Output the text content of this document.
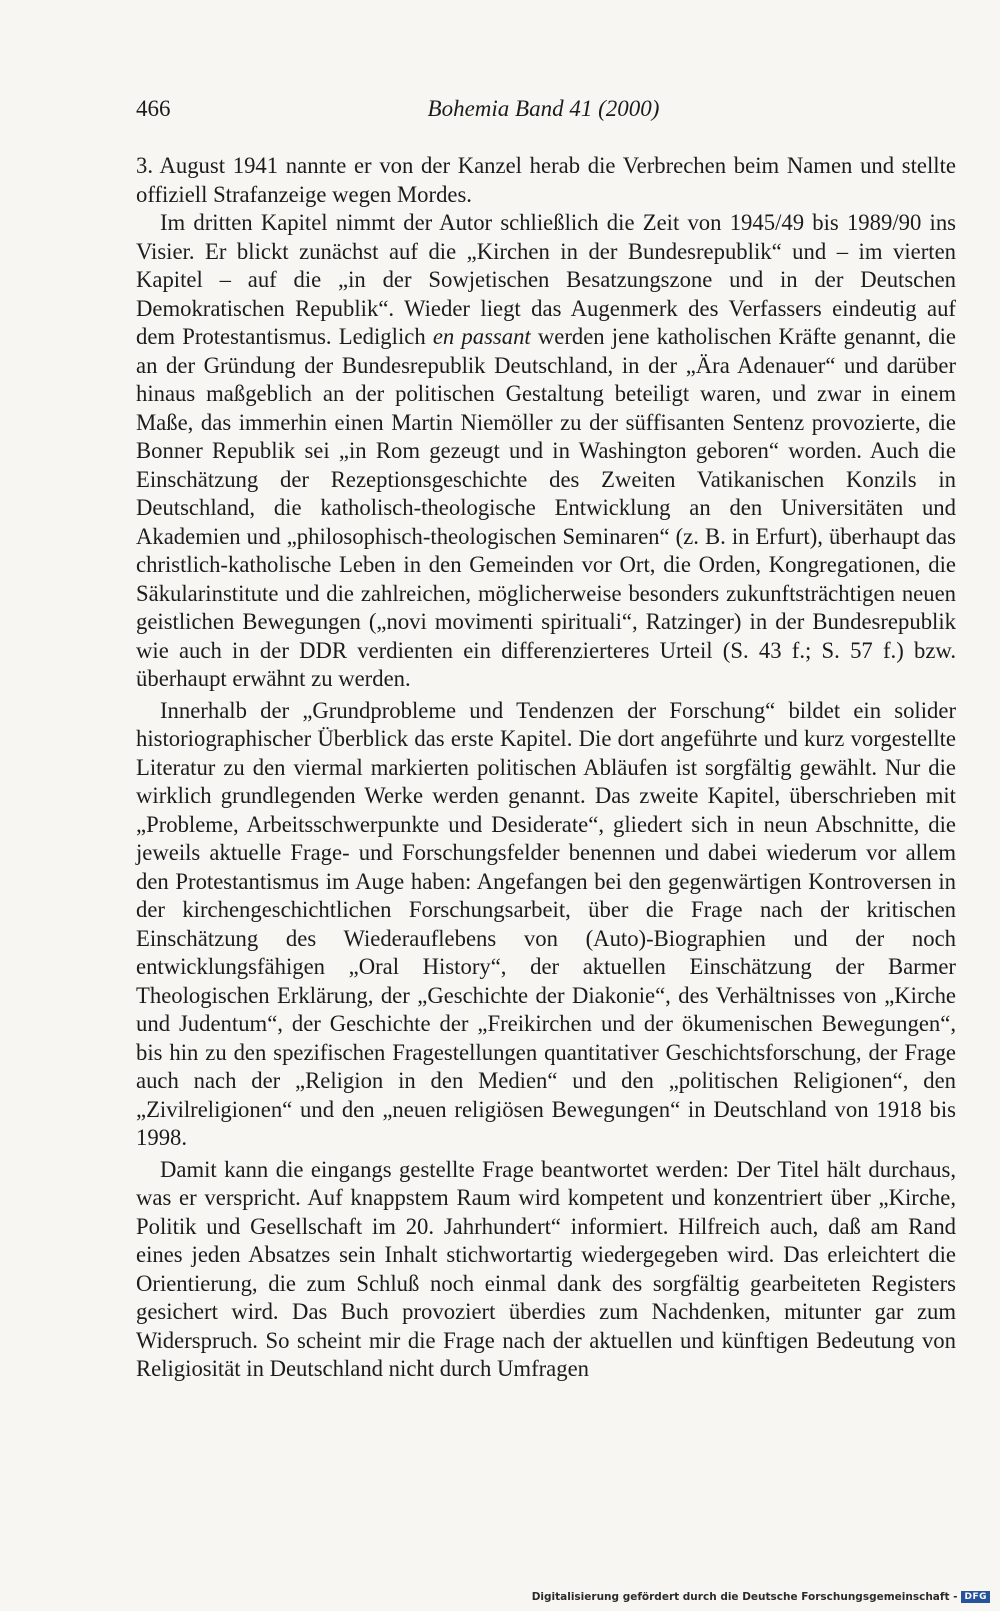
466	Bohemia Band 41 (2000)

3. August 1941 nannte er von der Kanzel herab die Verbrechen beim Namen und stellte offiziell Strafanzeige wegen Mordes.

Im dritten Kapitel nimmt der Autor schließlich die Zeit von 1945/49 bis 1989/90 ins Visier. Er blickt zunächst auf die „Kirchen in der Bundesrepublik“ und – im vierten Kapitel – auf die „in der Sowjetischen Besatzungszone und in der Deutschen Demokratischen Republik“. Wieder liegt das Augenmerk des Verfassers eindeutig auf dem Protestantismus. Lediglich en passant werden jene katholischen Kräfte genannt, die an der Gründung der Bundesrepublik Deutschland, in der „Ära Adenauer“ und darüber hinaus maßgeblich an der politischen Gestaltung beteiligt waren, und zwar in einem Maße, das immerhin einen Martin Niemöller zu der süffisanten Sentenz provozierte, die Bonner Republik sei „in Rom gezeugt und in Washington geboren“ worden. Auch die Einschätzung der Rezeptionsgeschichte des Zweiten Vatikanischen Konzils in Deutschland, die katholisch-theologische Entwicklung an den Universitäten und Akademien und „philosophisch-theologischen Seminaren“ (z. B. in Erfurt), überhaupt das christlich-katholische Leben in den Gemeinden vor Ort, die Orden, Kongregationen, die Säkularinstitute und die zahlreichen, möglicherweise besonders zukunftsträchtigen neuen geistlichen Bewegungen („novi movimenti spirituali“, Ratzinger) in der Bundesrepublik wie auch in der DDR verdienten ein differenzierteres Urteil (S. 43 f.; S. 57 f.) bzw. überhaupt erwähnt zu werden.

Innerhalb der „Grundprobleme und Tendenzen der Forschung“ bildet ein solider historiographischer Überblick das erste Kapitel. Die dort angeführte und kurz vorgestellte Literatur zu den viermal markierten politischen Abläufen ist sorgfältig gewählt. Nur die wirklich grundlegenden Werke werden genannt. Das zweite Kapitel, überschrieben mit „Probleme, Arbeitsschwerpunkte und Desiderate“, gliedert sich in neun Abschnitte, die jeweils aktuelle Frage- und Forschungsfelder benennen und dabei wiederum vor allem den Protestantismus im Auge haben: Angefangen bei den gegenwärtigen Kontroversen in der kirchengeschichtlichen Forschungsarbeit, über die Frage nach der kritischen Einschätzung des Wiederauflebens von (Auto)-Biographien und der noch entwicklungsfähigen „Oral History“, der aktuellen Einschätzung der Barmer Theologischen Erklärung, der „Geschichte der Diakonie“, des Verhältnisses von „Kirche und Judentum“, der Geschichte der „Freikirchen und der ökumenischen Bewegungen“, bis hin zu den spezifischen Fragestellungen quantitativer Geschichtsforschung, der Frage auch nach der „Religion in den Medien“ und den „politischen Religionen“, den „Zivilreligionen“ und den „neuen religiösen Bewegungen“ in Deutschland von 1918 bis 1998.

Damit kann die eingangs gestellte Frage beantwortet werden: Der Titel hält durchaus, was er verspricht. Auf knappstem Raum wird kompetent und konzentriert über „Kirche, Politik und Gesellschaft im 20. Jahrhundert“ informiert. Hilfreich auch, daß am Rand eines jeden Absatzes sein Inhalt stichwortartig wiedergegeben wird. Das erleichtert die Orientierung, die zum Schluß noch einmal dank des sorgfältig gearbeiteten Registers gesichert wird. Das Buch provoziert überdies zum Nachdenken, mitunter gar zum Widerspruch. So scheint mir die Frage nach der aktuellen und künftigen Bedeutung von Religiosität in Deutschland nicht durch Umfragen

Digitalisierung gefördert durch die Deutsche Forschungsgemeinschaft - DFG
